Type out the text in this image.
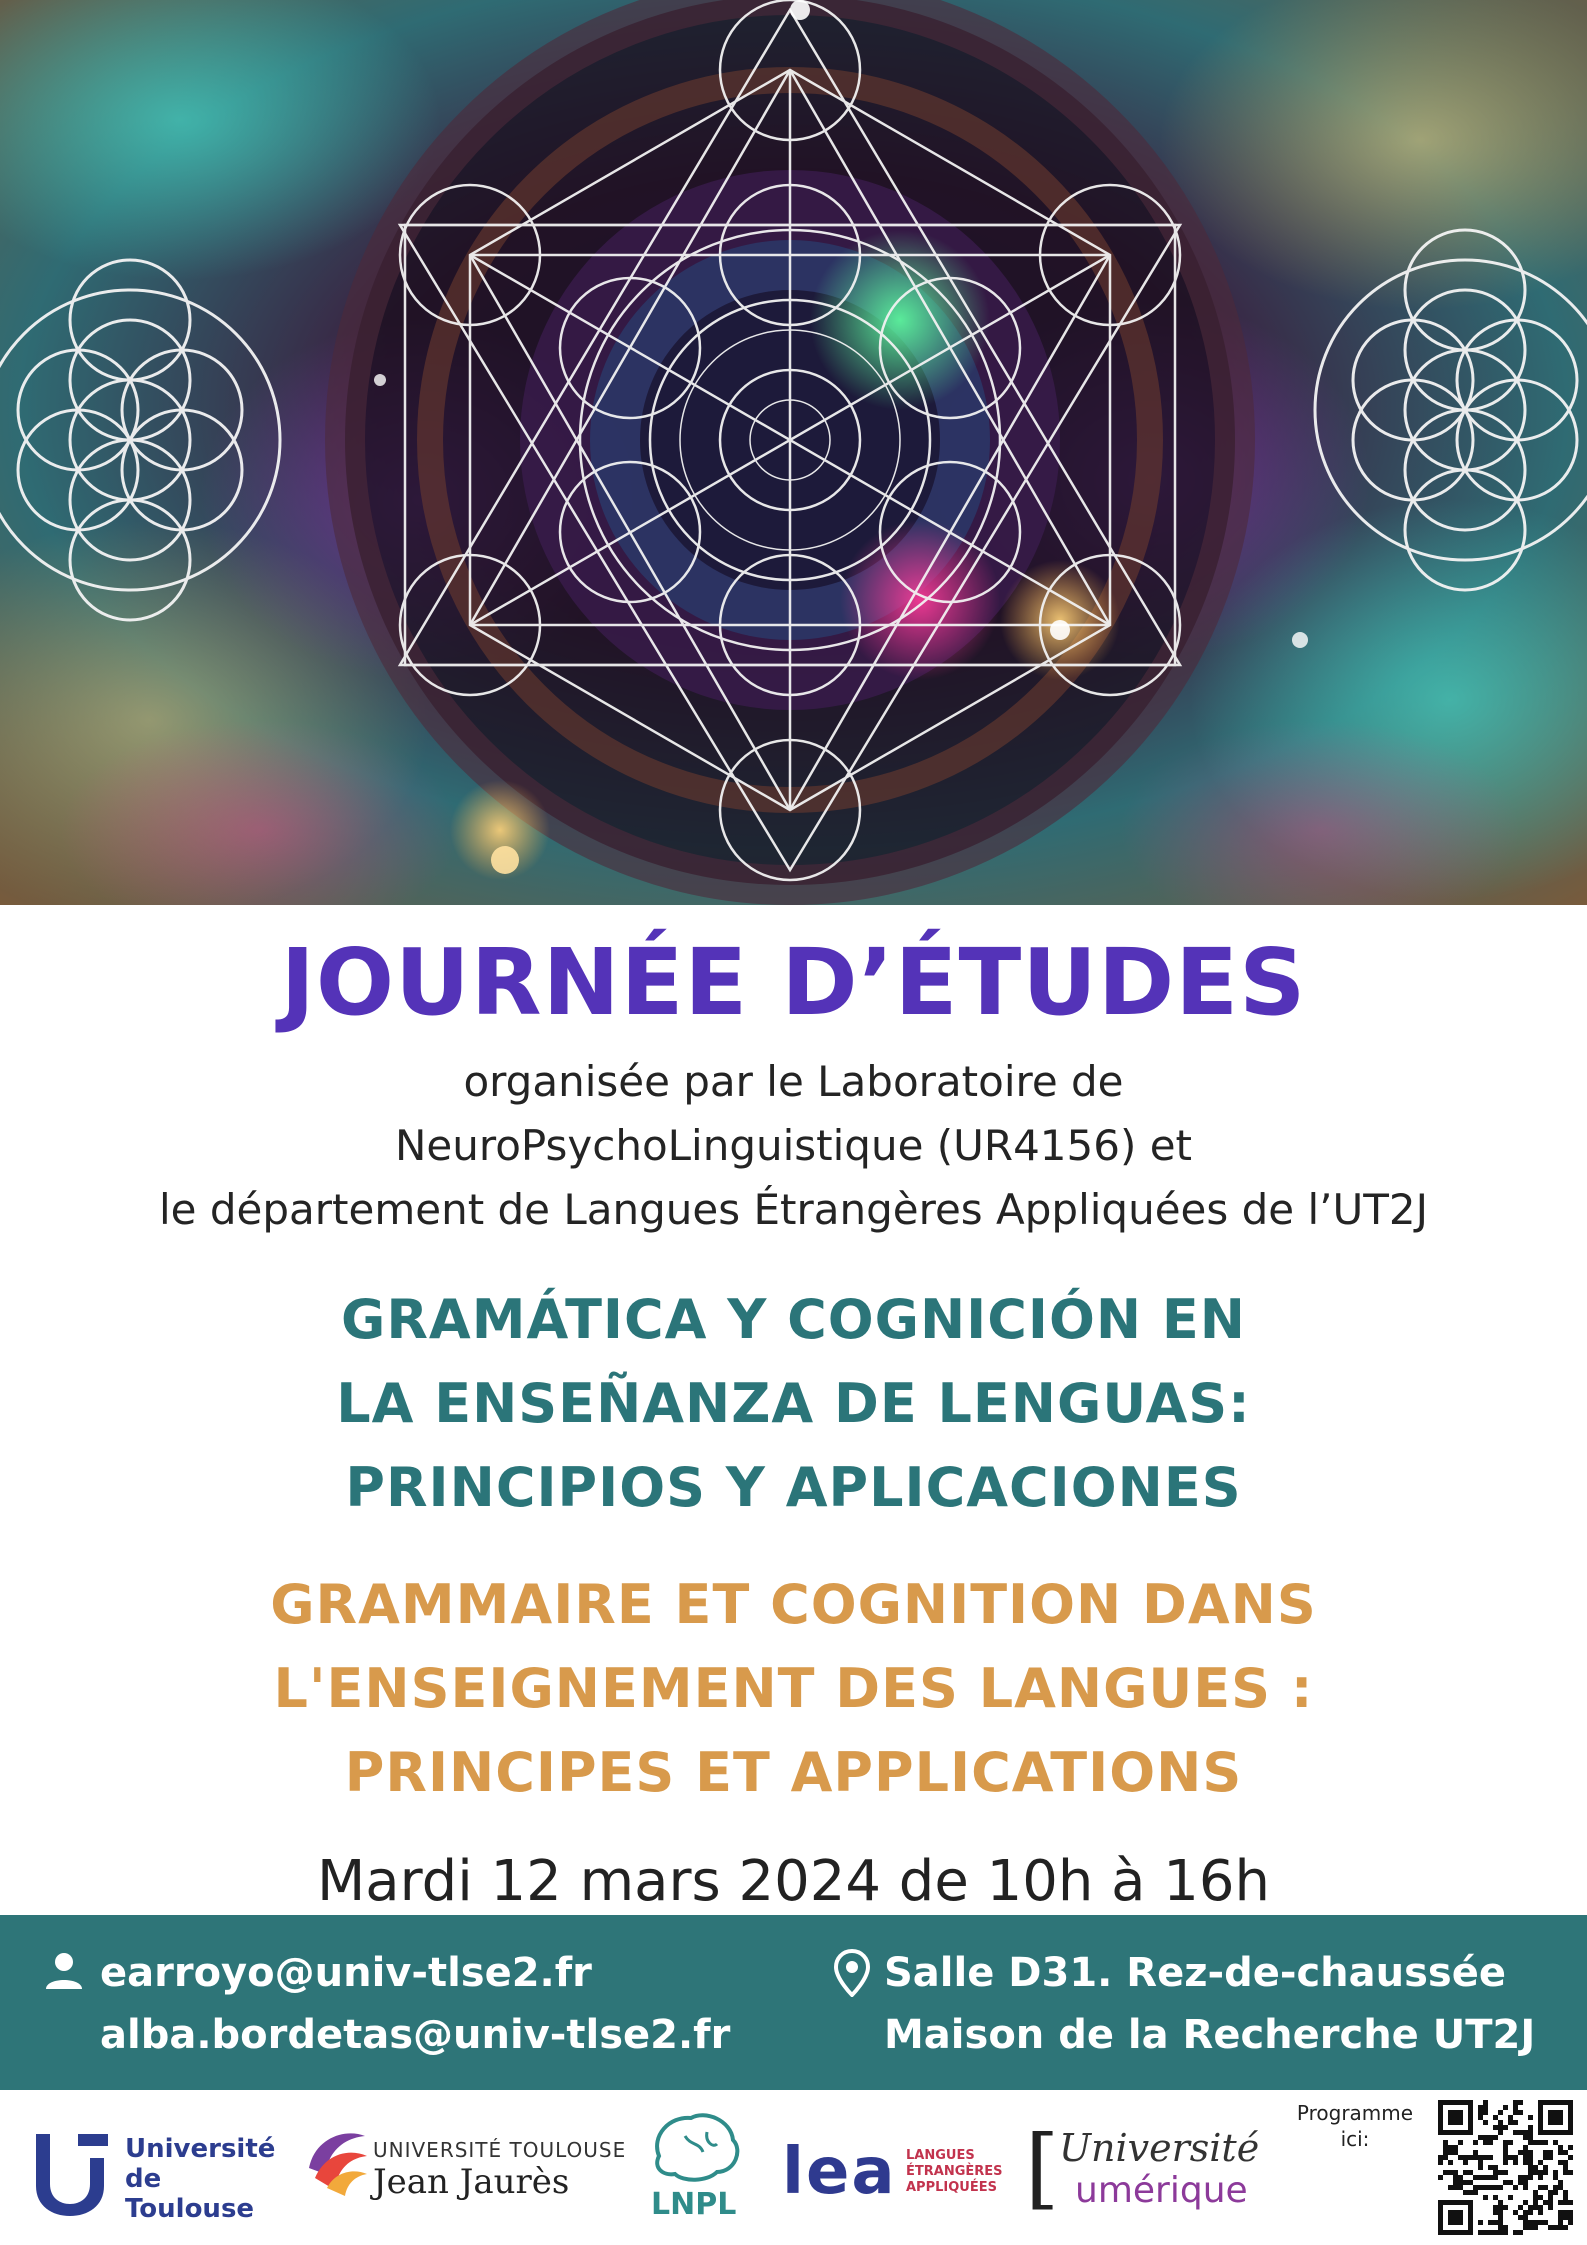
JOURNÉE D’ÉTUDES
organisée par le Laboratoire de
NeuroPsychoLinguistique (UR4156) et
le département de Langues Étrangères Appliquées de l’UT2J
GRAMÁTICA Y COGNICIÓN EN
LA ENSEÑANZA DE LENGUAS:
PRINCIPIOS Y APLICACIONES
GRAMMAIRE ET COGNITION DANS
L'ENSEIGNEMENT DES LANGUES :
PRINCIPES ET APPLICATIONS
Mardi 12 mars 2024 de 10h à 16h
earroyo@univ-tlse2.fr
alba.bordetas@univ-tlse2.fr
Salle D31. Rez-de-chaussée
Maison de la Recherche UT2J
Université
de Toulouse
UNIVERSITÉ TOULOUSE
Jean Jaurès
LNPL lea LANGUES
ÉTRANGÈRES
APPLIQUÉES [ Université
umérique
Programme
ici:
